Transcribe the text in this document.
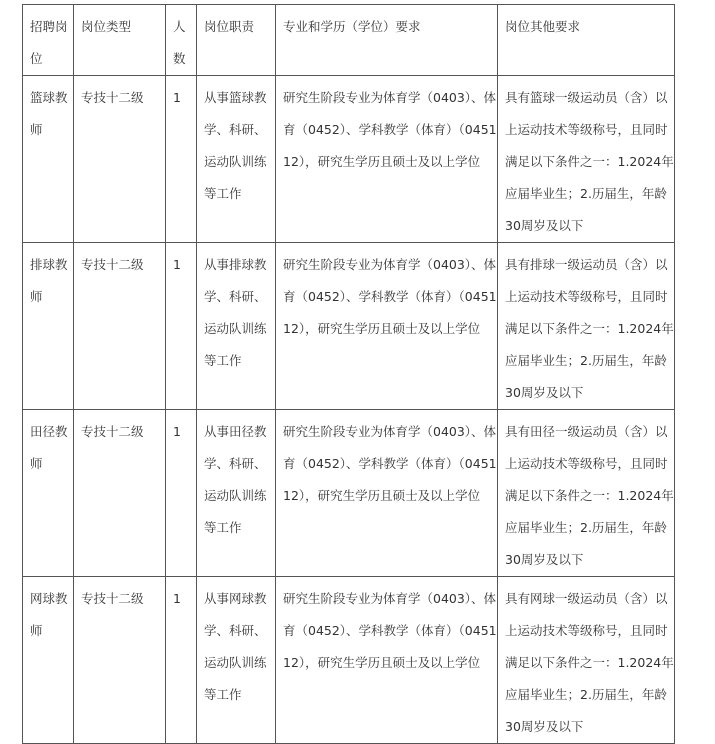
招聘岗位	岗位类型	人数	岗位职责	专业和学历（学位）要求	岗位其他要求

篮球教师	专技十二级	1	从事篮球教学、科研、运动队训练等工作	研究生阶段专业为体育学（0403）、体育（0452）、学科教学（体育）（045112），研究生学历且硕士及以上学位	具有篮球一级运动员（含）以上运动技术等级称号，且同时满足以下条件之一：1.2024年应届毕业生；2.历届生，年龄30周岁及以下

排球教师	专技十二级	1	从事排球教学、科研、运动队训练等工作	研究生阶段专业为体育学（0403）、体育（0452）、学科教学（体育）（045112），研究生学历且硕士及以上学位	具有排球一级运动员（含）以上运动技术等级称号，且同时满足以下条件之一：1.2024年应届毕业生；2.历届生，年龄30周岁及以下

田径教师	专技十二级	1	从事田径教学、科研、运动队训练等工作	研究生阶段专业为体育学（0403）、体育（0452）、学科教学（体育）（045112），研究生学历且硕士及以上学位	具有田径一级运动员（含）以上运动技术等级称号，且同时满足以下条件之一：1.2024年应届毕业生；2.历届生，年龄30周岁及以下

网球教师	专技十二级	1	从事网球教学、科研、运动队训练等工作	研究生阶段专业为体育学（0403）、体育（0452）、学科教学（体育）（045112），研究生学历且硕士及以上学位	具有网球一级运动员（含）以上运动技术等级称号，且同时满足以下条件之一：1.2024年应届毕业生；2.历届生，年龄30周岁及以下
